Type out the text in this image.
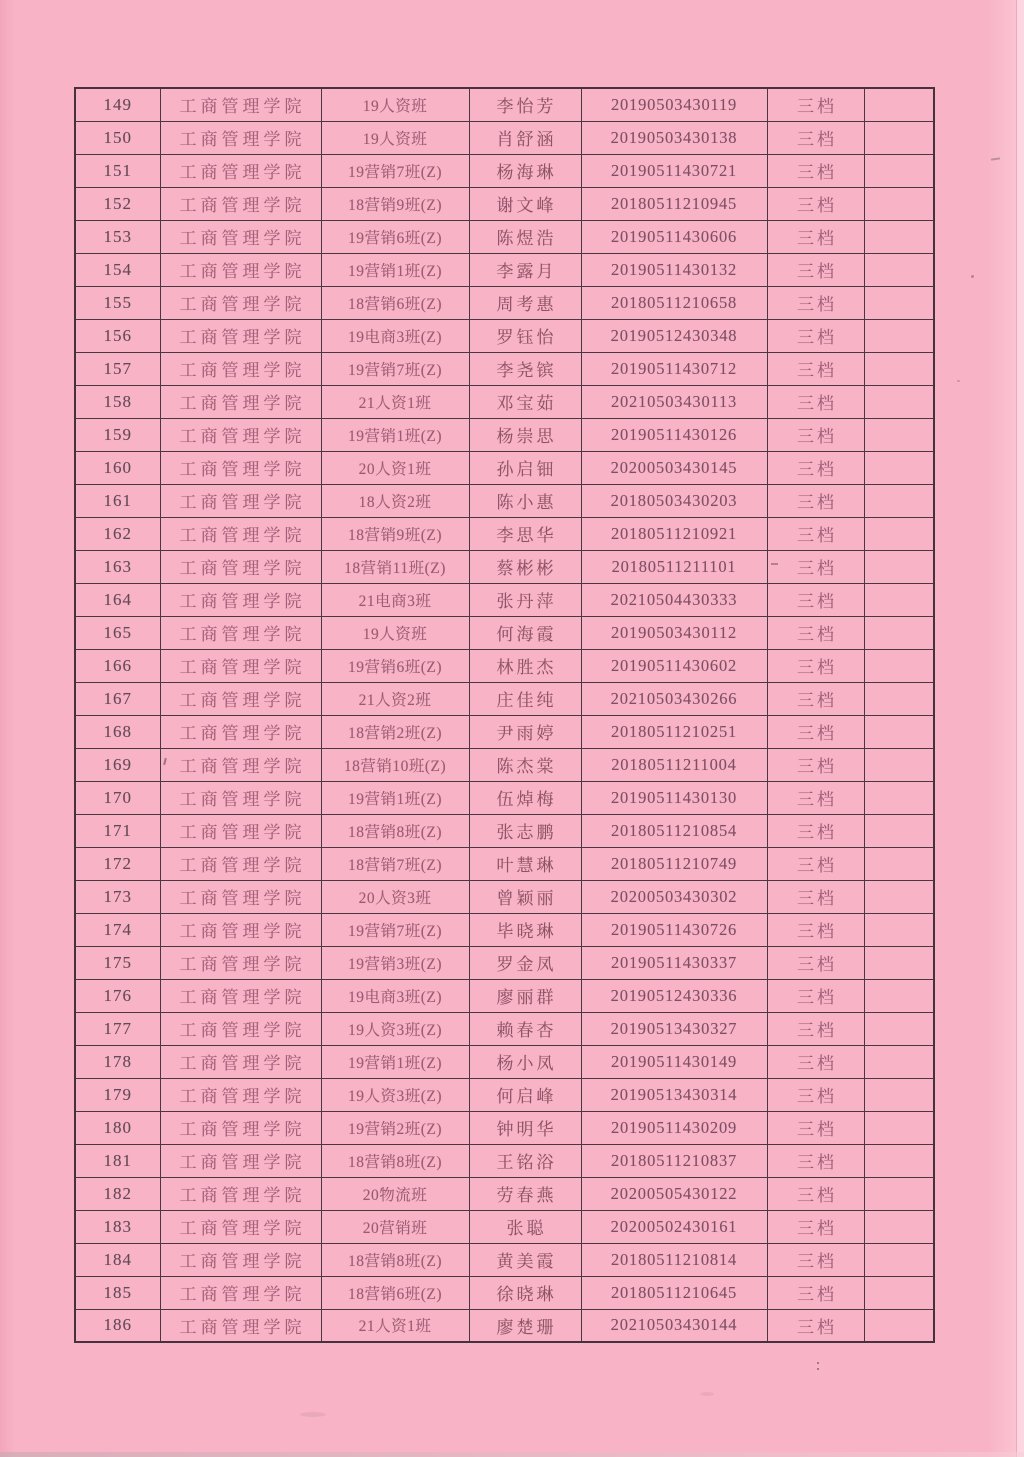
149	工商管理学院	19人资班	李怡芳	20190503430119	三档	
150	工商管理学院	19人资班	肖舒涵	20190503430138	三档	
151	工商管理学院	19营销7班(Z)	杨海琳	20190511430721	三档	
152	工商管理学院	18营销9班(Z)	谢文峰	20180511210945	三档	
153	工商管理学院	19营销6班(Z)	陈煜浩	20190511430606	三档	
154	工商管理学院	19营销1班(Z)	李露月	20190511430132	三档	
155	工商管理学院	18营销6班(Z)	周考惠	20180511210658	三档	
156	工商管理学院	19电商3班(Z)	罗钰怡	20190512430348	三档	
157	工商管理学院	19营销7班(Z)	李尧镔	20190511430712	三档	
158	工商管理学院	21人资1班	邓宝茹	20210503430113	三档	
159	工商管理学院	19营销1班(Z)	杨崇思	20190511430126	三档	
160	工商管理学院	20人资1班	孙启钿	20200503430145	三档	
161	工商管理学院	18人资2班	陈小惠	20180503430203	三档	
162	工商管理学院	18营销9班(Z)	李思华	20180511210921	三档	
163	工商管理学院	18营销11班(Z)	蔡彬彬	20180511211101	三档	
164	工商管理学院	21电商3班	张丹萍	20210504430333	三档	
165	工商管理学院	19人资班	何海霞	20190503430112	三档	
166	工商管理学院	19营销6班(Z)	林胜杰	20190511430602	三档	
167	工商管理学院	21人资2班	庄佳纯	20210503430266	三档	
168	工商管理学院	18营销2班(Z)	尹雨婷	20180511210251	三档	
169	工商管理学院	18营销10班(Z)	陈杰棠	20180511211004	三档	
170	工商管理学院	19营销1班(Z)	伍焯梅	20190511430130	三档	
171	工商管理学院	18营销8班(Z)	张志鹏	20180511210854	三档	
172	工商管理学院	18营销7班(Z)	叶慧琳	20180511210749	三档	
173	工商管理学院	20人资3班	曾颖丽	20200503430302	三档	
174	工商管理学院	19营销7班(Z)	毕晓琳	20190511430726	三档	
175	工商管理学院	19营销3班(Z)	罗金凤	20190511430337	三档	
176	工商管理学院	19电商3班(Z)	廖丽群	20190512430336	三档	
177	工商管理学院	19人资3班(Z)	赖春杏	20190513430327	三档	
178	工商管理学院	19营销1班(Z)	杨小凤	20190511430149	三档	
179	工商管理学院	19人资3班(Z)	何启峰	20190513430314	三档	
180	工商管理学院	19营销2班(Z)	钟明华	20190511430209	三档	
181	工商管理学院	18营销8班(Z)	王铭浴	20180511210837	三档	
182	工商管理学院	20物流班	劳春燕	20200505430122	三档	
183	工商管理学院	20营销班	张聪	20200502430161	三档	
184	工商管理学院	18营销8班(Z)	黄美霞	20180511210814	三档	
185	工商管理学院	18营销6班(Z)	徐晓琳	20180511210645	三档	
186	工商管理学院	21人资1班	廖楚珊	20210503430144	三档	
